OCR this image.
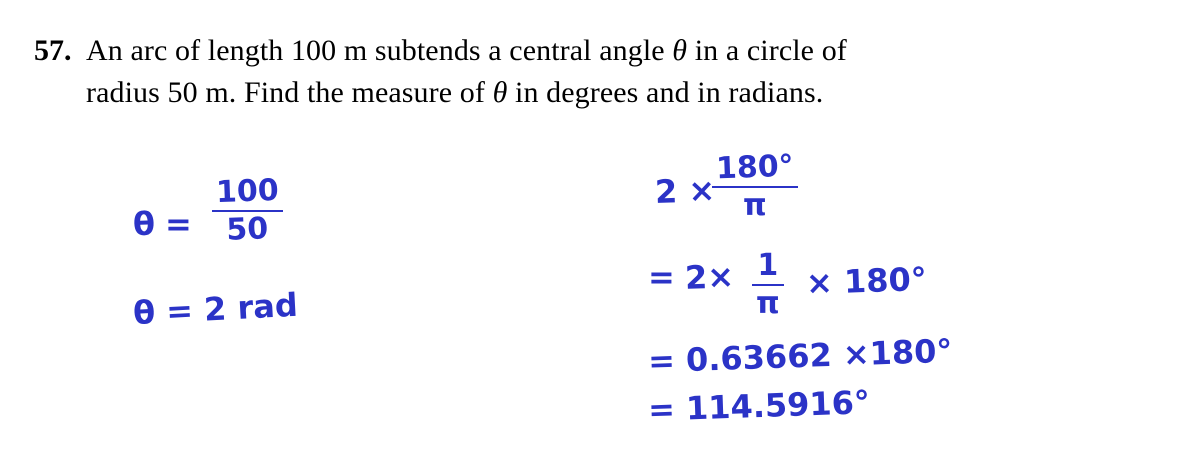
57. An arc of length 100 m subtends a central angle θ in a circle of
radius 50 m. Find the measure of θ in degrees and in radians.
$\theta = \frac{100}{50}$
θ = 2 rad
2 ×
$\frac{180^\circ}{\pi}$
= $2\times \frac{1}{\pi} \times 180^\circ$
= 0.63662 ×180°
= 114.5916°
